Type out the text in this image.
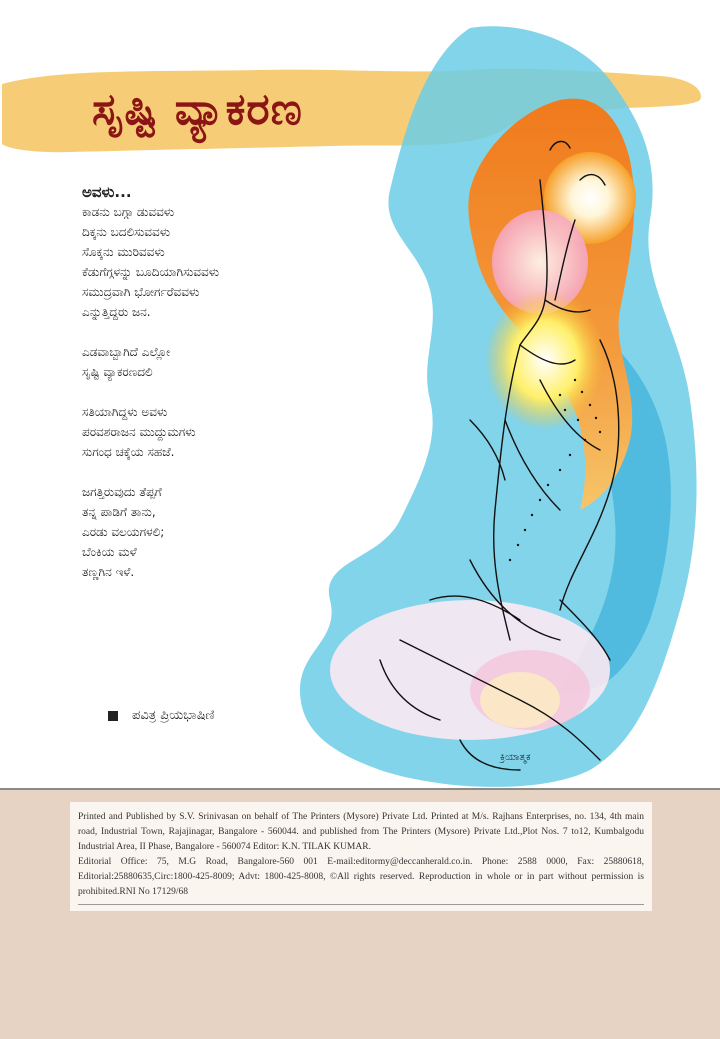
ಕ್ರಿಯಾತ್ಮಕ
ಸೃಷ್ಟಿ ವ್ಯಾಕರಣ

ಅವಳು...
ಕಾಡನು ಬಗ್ಗಾ ಡುವವಳು
ದಿಕ್ಕನು ಬದಲಿಸುವವಳು
ಸೊಕ್ಕನು ಮುರಿವವಳು
ಕೆಡುಗೆಗ್ಗಳನ್ನು ಬೂದಿಯಾಗಿಸುವವಳು
ಸಮುದ್ರವಾಗಿ ಭೋರ್ಗರೆವವಳು
ಎನ್ನುತ್ತಿದ್ದರು ಜನ.

ಎಡವಾಬ್ಬಾಗಿದೆ ಎಲ್ಲೋ
ಸೃಷ್ಟಿ ವ್ಯಾಕರಣದಲಿ

ಸತಿಯಾಗಿದ್ದಳು ಅವಳು
ಪರವಶರಾಜನ ಮುದ್ದುಮಗಳು
ಸುಗಂಧ ಚಕ್ಕೆಯ ಸಹಜೆ.

ಜಗತ್ತಿರುವುದು ತೆಪ್ಪಗೆ
ತನ್ನ ಪಾಡಿಗೆ ತಾನು,
ಎರಡು ವಲಯಗಳಲಿ;
ಬೆಂಕಿಯ ಮಳೆ
ತಣ್ಣಗಿನ ಇಳೆ.

ಪವಿತ್ರ ಪ್ರಿಯಭಾಷಿಣಿ

Printed and Published by S.V. Srinivasan on behalf of The Printers (Mysore) Private Ltd. Printed at M/s. Rajhans Enterprises, no. 134, 4th main road, Industrial Town, Rajajinagar, Bangalore - 560044. and published from The Printers (Mysore) Private Ltd.,Plot Nos. 7 to12, Kumbalgodu Industrial Area, II Phase, Bangalore - 560074 Editor: K.N. TILAK KUMAR.

Editorial Office: 75, M.G Road, Bangalore-560 001 E-mail:editormy@deccanherald.co.in. Phone: 2588 0000, Fax: 25880618, Editorial:25880635,Circ:1800-425-8009; Advt: 1800-425-8008, ©All rights reserved. Reproduction in whole or in part without permission is prohibited.RNI No 17129/68
